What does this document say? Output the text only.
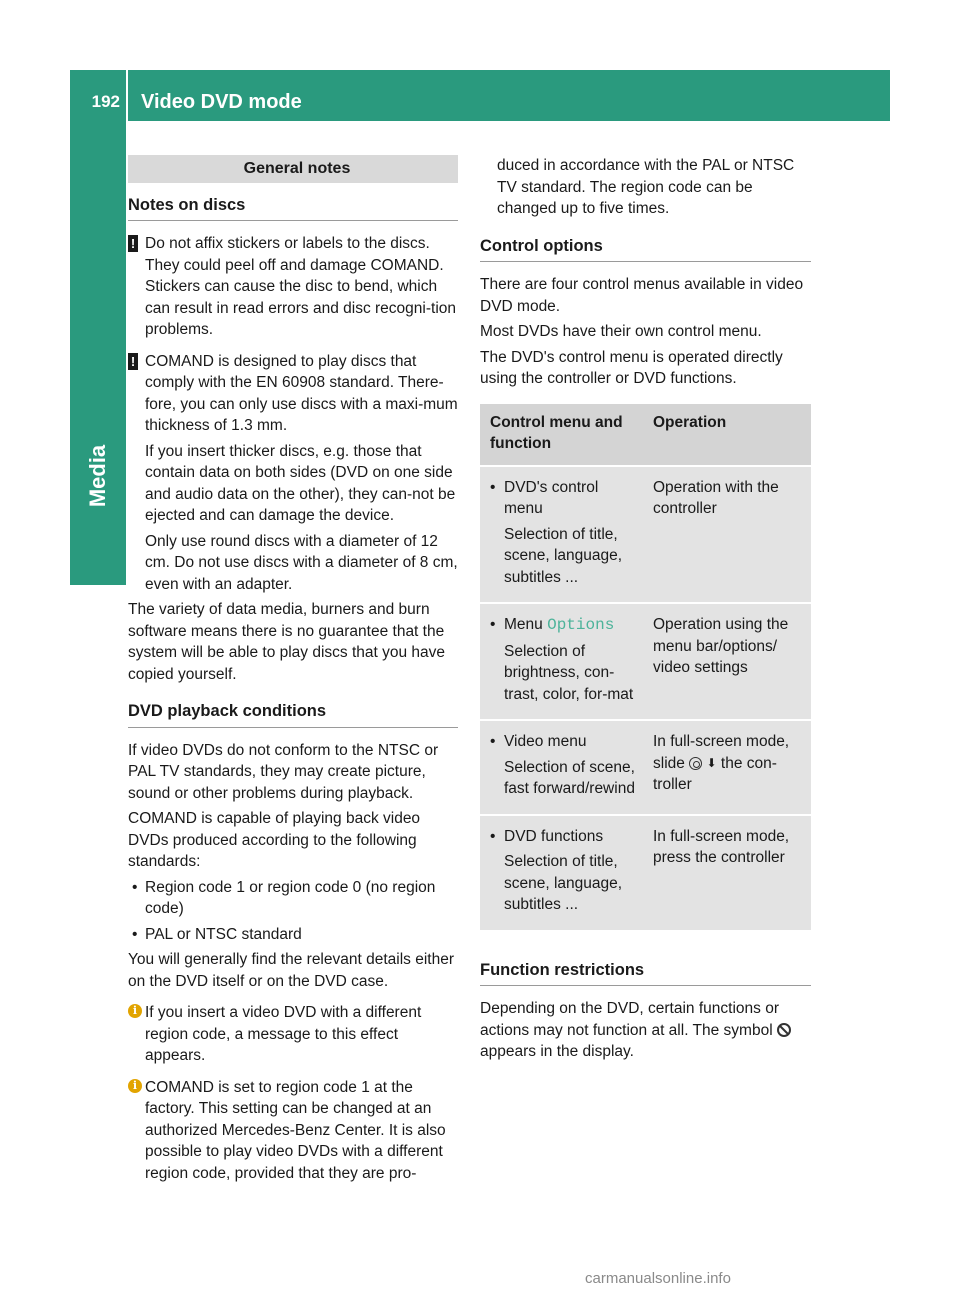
192 Video DVD mode
Media
General notes
Notes on discs

! Do not affix stickers or labels to the discs. They could peel off and damage COMAND. Stickers can cause the disc to bend, which can result in read errors and disc recogni-tion problems.

! COMAND is designed to play discs that comply with the EN 60908 standard. There-fore, you can only use discs with a maxi-mum thickness of 1.3 mm.

If you insert thicker discs, e.g. those that contain data on both sides (DVD on one side and audio data on the other), they can-not be ejected and can damage the device.

Only use round discs with a diameter of 12 cm. Do not use discs with a diameter of 8 cm, even with an adapter.

The variety of data media, burners and burn software means there is no guarantee that the system will be able to play discs that you have copied yourself.

DVD playback conditions

If video DVDs do not conform to the NTSC or PAL TV standards, they may create picture, sound or other problems during playback.

COMAND is capable of playing back video DVDs produced according to the following standards:

• Region code 1 or region code 0 (no region code)
• PAL or NTSC standard

You will generally find the relevant details either on the DVD itself or on the DVD case.

i If you insert a video DVD with a different region code, a message to this effect appears.

i COMAND is set to region code 1 at the factory. This setting can be changed at an authorized Mercedes-Benz Center. It is also possible to play video DVDs with a different region code, provided that they are pro-

duced in accordance with the PAL or NTSC TV standard. The region code can be changed up to five times.

Control options

There are four control menus available in video DVD mode.

Most DVDs have their own control menu.

The DVD's control menu is operated directly using the controller or DVD functions.

Control menu and function	Operation

• DVD's control menu
Selection of title, scene, language, subtitles ...	Operation with the controller

• Menu Options
Selection of brightness, con-trast, color, for-mat	Operation using the menu bar/options/ video settings

• Video menu
Selection of scene, fast forward/rewind	In full-screen mode, slide ⬇ the con-troller

• DVD functions
Selection of title, scene, language, subtitles ...	In full-screen mode, press the controller
Function restrictions

Depending on the DVD, certain functions or actions may not function at all. The symbol appears in the display.

carmanualsonline.info
